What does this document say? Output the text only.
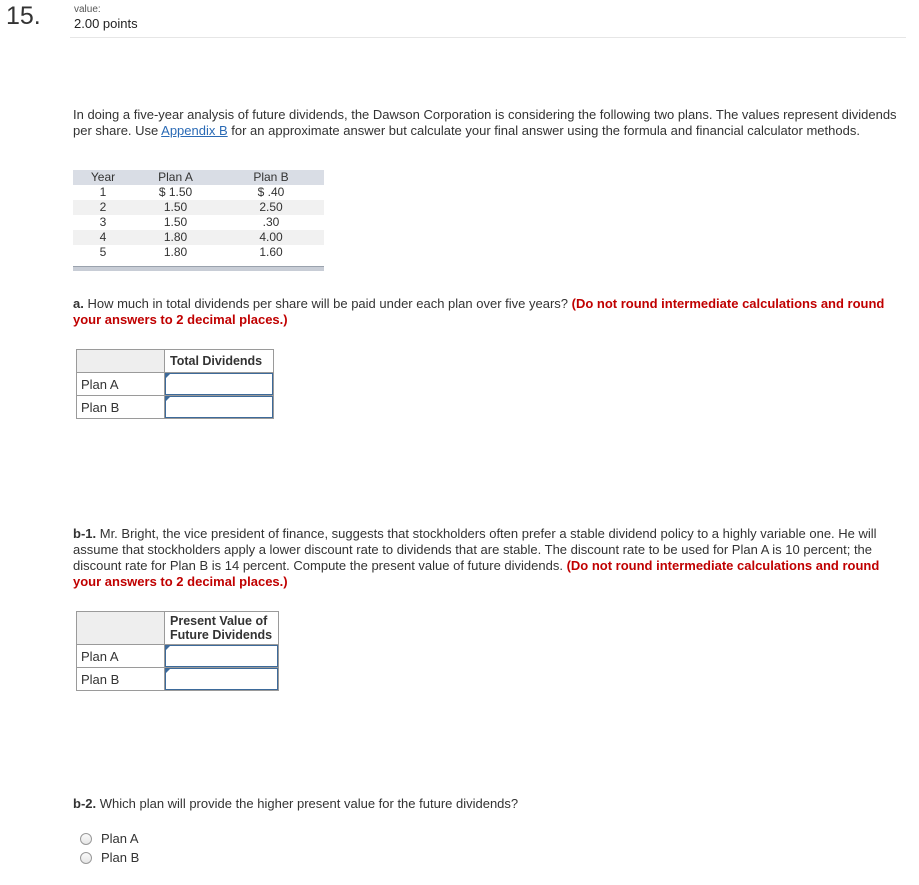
15.	value:
2.00 points
In doing a five-year analysis of future dividends, the Dawson Corporation is considering the following two plans. The values represent dividends per share. Use Appendix B for an approximate answer but calculate your final answer using the formula and financial calculator methods.
Year	Plan A	Plan B
1	$ 1.50	$ .40
2	1.50	2.50
3	1.50	.30
4	1.80	4.00
5	1.80	1.60
a. How much in total dividends per share will be paid under each plan over five years? (Do not round intermediate calculations and round your answers to 2 decimal places.)
	Total Dividends
Plan A	

Plan B	
b-1. Mr. Bright, the vice president of finance, suggests that stockholders often prefer a stable dividend policy to a highly variable one. He will assume that stockholders apply a lower discount rate to dividends that are stable. The discount rate to be used for Plan A is 10 percent; the discount rate for Plan B is 14 percent. Compute the present value of future dividends. (Do not round intermediate calculations and round your answers to 2 decimal places.)

	Present Value of
Future Dividends

Plan A	

Plan B	
b-2. Which plan will provide the higher present value for the future dividends?
Plan A
Plan B
